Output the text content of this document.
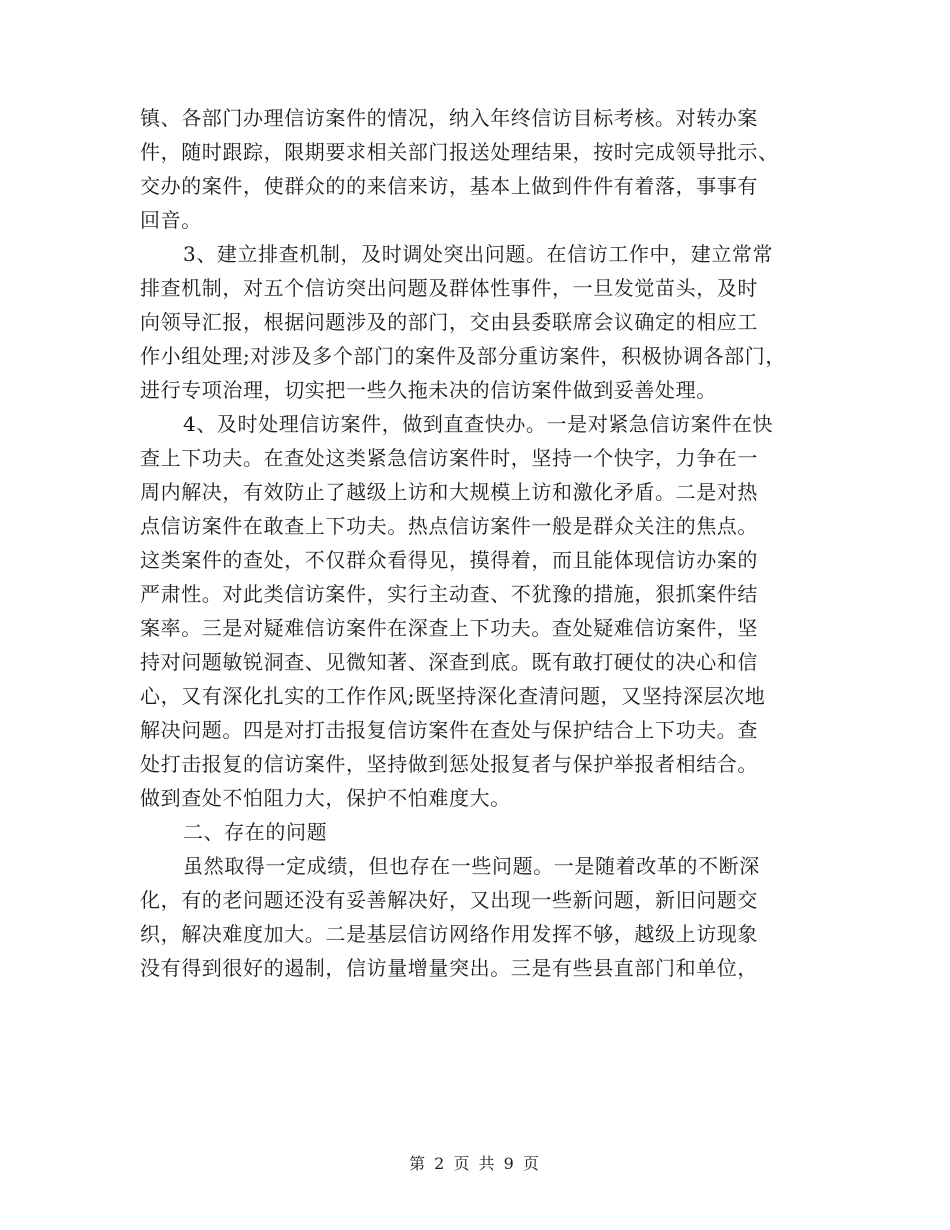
镇、各部门办理信访案件的情况，纳入年终信访目标考核。对转办案
件，随时跟踪，限期要求相关部门报送处理结果，按时完成领导批示、
交办的案件，使群众的的来信来访，基本上做到件件有着落，事事有
回音。
3、建立排查机制，及时调处突出问题。在信访工作中，建立常常
排查机制，对五个信访突出问题及群体性事件，一旦发觉苗头，及时
向领导汇报，根据问题涉及的部门，交由县委联席会议确定的相应工
作小组处理;对涉及多个部门的案件及部分重访案件，积极协调各部门，
进行专项治理，切实把一些久拖未决的信访案件做到妥善处理。
4、及时处理信访案件，做到直查快办。一是对紧急信访案件在快
查上下功夫。在查处这类紧急信访案件时，坚持一个快字，力争在一
周内解决，有效防止了越级上访和大规模上访和激化矛盾。二是对热
点信访案件在敢查上下功夫。热点信访案件一般是群众关注的焦点。
这类案件的查处，不仅群众看得见，摸得着，而且能体现信访办案的
严肃性。对此类信访案件，实行主动查、不犹豫的措施，狠抓案件结
案率。三是对疑难信访案件在深查上下功夫。查处疑难信访案件，坚
持对问题敏锐洞查、见微知著、深查到底。既有敢打硬仗的决心和信
心，又有深化扎实的工作作风;既坚持深化查清问题，又坚持深层次地
解决问题。四是对打击报复信访案件在查处与保护结合上下功夫。查
处打击报复的信访案件，坚持做到惩处报复者与保护举报者相结合。
做到查处不怕阻力大，保护不怕难度大。
二、存在的问题
虽然取得一定成绩，但也存在一些问题。一是随着改革的不断深
化，有的老问题还没有妥善解决好，又出现一些新问题，新旧问题交
织，解决难度加大。二是基层信访网络作用发挥不够，越级上访现象
没有得到很好的遏制，信访量增量突出。三是有些县直部门和单位，
第 2 页 共 9 页
